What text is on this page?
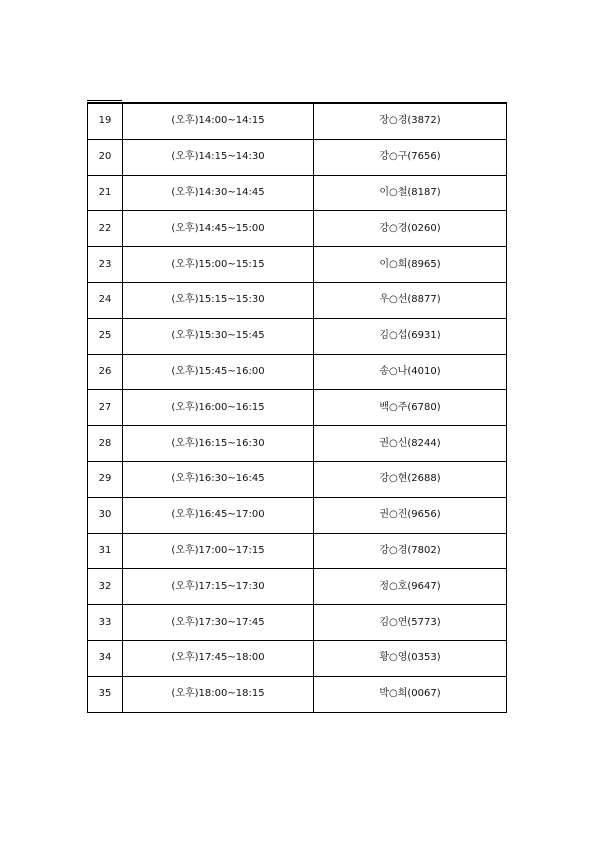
19	(오후)14:00~14:15	장○경(3872)
20	(오후)14:15~14:30	강○구(7656)
21	(오후)14:30~14:45	이○철(8187)
22	(오후)14:45~15:00	강○경(0260)
23	(오후)15:00~15:15	이○희(8965)
24	(오후)15:15~15:30	우○선(8877)
25	(오후)15:30~15:45	김○섭(6931)
26	(오후)15:45~16:00	송○나(4010)
27	(오후)16:00~16:15	백○주(6780)
28	(오후)16:15~16:30	권○신(8244)
29	(오후)16:30~16:45	강○현(2688)
30	(오후)16:45~17:00	권○진(9656)
31	(오후)17:00~17:15	강○경(7802)
32	(오후)17:15~17:30	정○호(9647)
33	(오후)17:30~17:45	김○연(5773)
34	(오후)17:45~18:00	황○영(0353)
35	(오후)18:00~18:15	박○희(0067)
